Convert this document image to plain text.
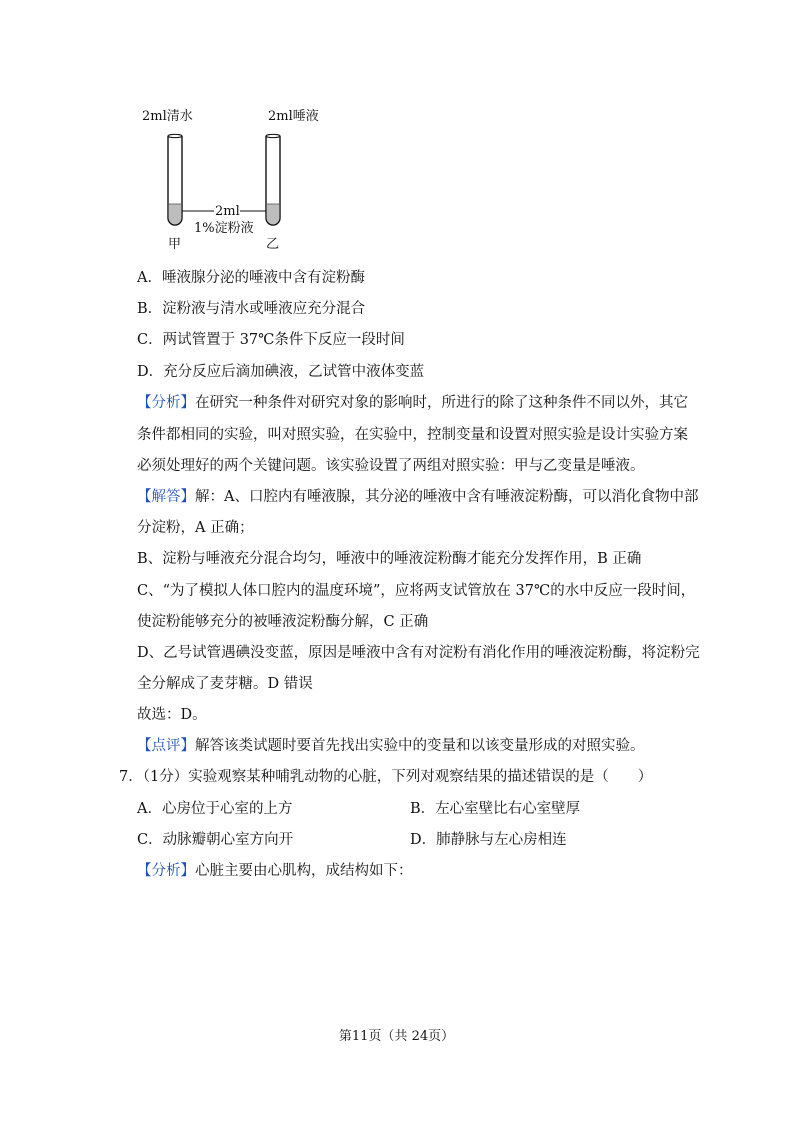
2ml清水	2ml唾液
2ml
1%淀粉液
甲	乙
A．唾液腺分泌的唾液中含有淀粉酶
B．淀粉液与清水或唾液应充分混合
C．两试管置于 37℃条件下反应一段时间
D．充分反应后滴加碘液，乙试管中液体变蓝
【分析】在研究一种条件对研究对象的影响时，所进行的除了这种条件不同以外，其它
条件都相同的实验，叫对照实验，在实验中，控制变量和设置对照实验是设计实验方案
必须处理好的两个关键问题。该实验设置了两组对照实验：甲与乙变量是唾液。
【解答】解：A、口腔内有唾液腺，其分泌的唾液中含有唾液淀粉酶，可以消化食物中部
分淀粉，A 正确；
B、淀粉与唾液充分混合均匀，唾液中的唾液淀粉酶才能充分发挥作用，B 正确
C、“为了模拟人体口腔内的温度环境”，应将两支试管放在 37℃的水中反应一段时间，
使淀粉能够充分的被唾液淀粉酶分解，C 正确
D、乙号试管遇碘没变蓝，原因是唾液中含有对淀粉有消化作用的唾液淀粉酶，将淀粉完
全分解成了麦芽糖。D 错误
故选：D。
【点评】解答该类试题时要首先找出实验中的变量和以该变量形成的对照实验。
7．（1分）实验观察某种哺乳动物的心脏，下列对观察结果的描述错误的是（　　）
A．心房位于心室的上方	B．左心室壁比右心室壁厚
C．动脉瓣朝心室方向开	D．肺静脉与左心房相连
【分析】心脏主要由心肌构，成结构如下：
第11页（共 24页）
